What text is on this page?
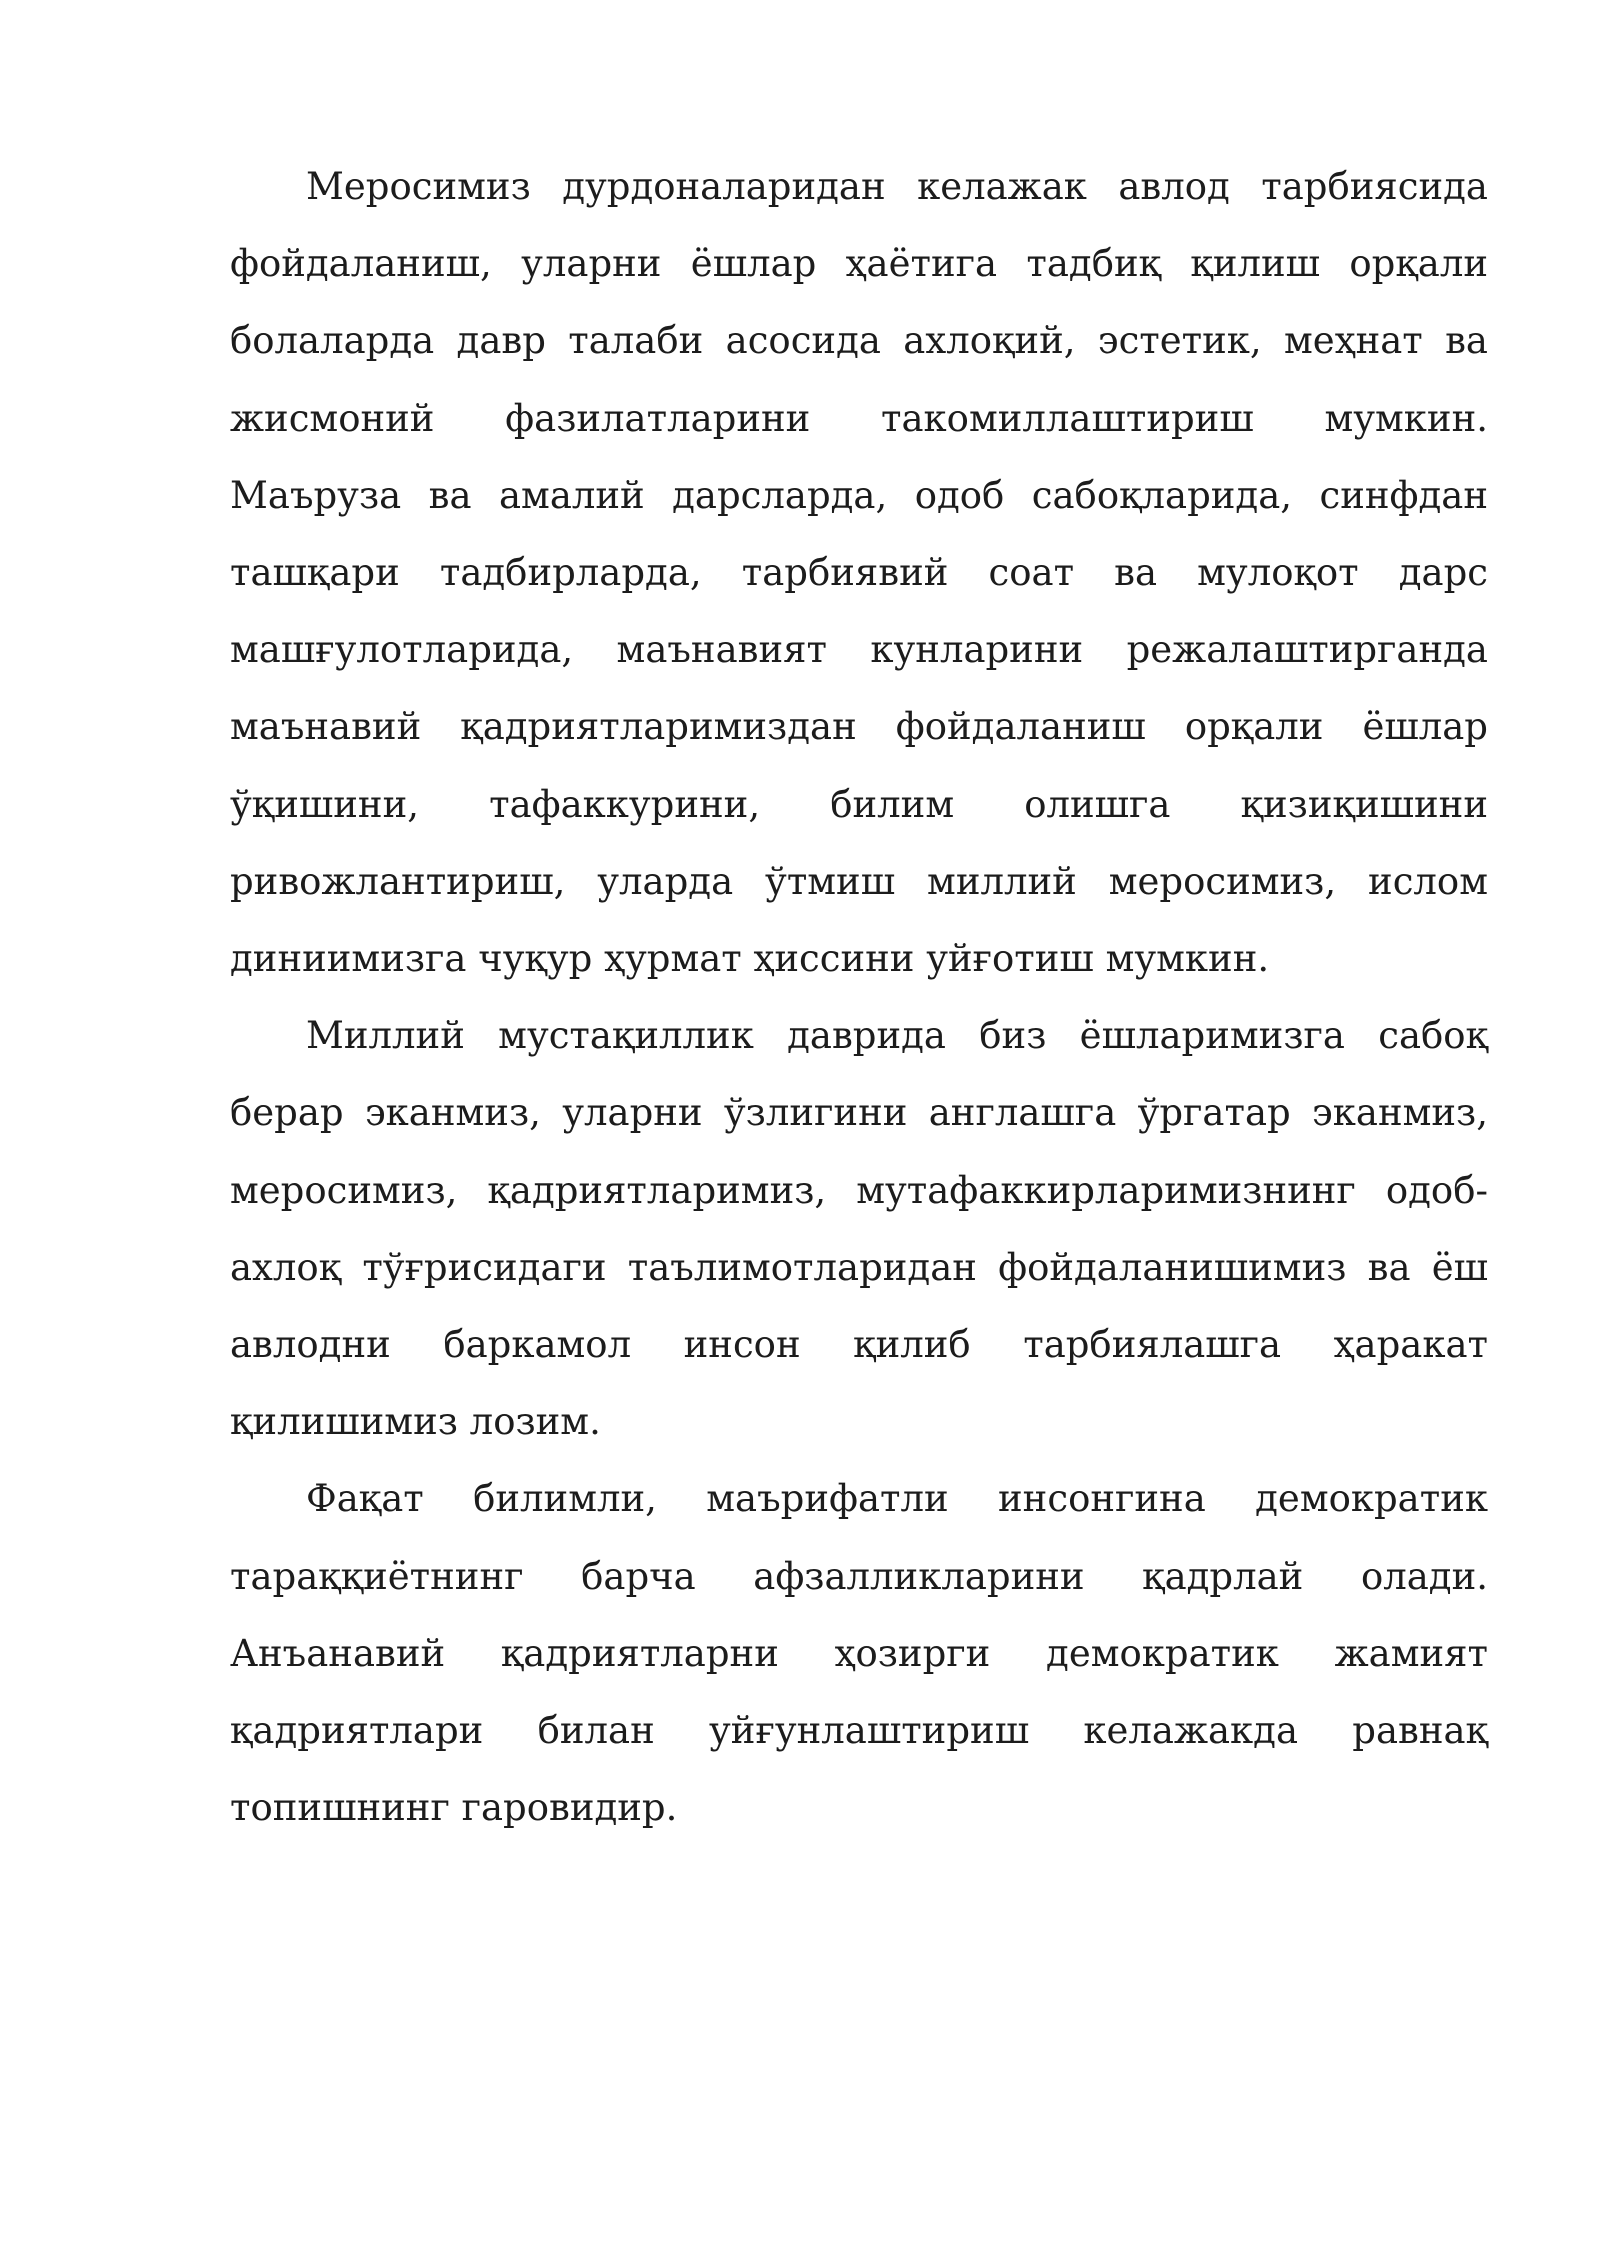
Меросимиз дурдоналаридан келажак авлод тарбиясида фойдаланиш, уларни ёшлар ҳаётига тадбиқ қилиш орқали болаларда давр талаби асосида ахлоқий, эстетик, меҳнат ва жисмоний фазилатларини такомиллаштириш мумкин. Маъруза ва амалий дарсларда, одоб сабоқларида, синфдан ташқари тадбирларда, тарбиявий соат ва мулоқот дарс машғулотларида, маънавият кунларини режалаштирганда маънавий қадриятларимиздан фойдаланиш орқали ёшлар ўқишини, тафаккурини, билим олишга қизиқишини ривожлантириш, уларда ўтмиш миллий меросимиз, ислом диниимизга чуқур ҳурмат ҳиссини уйғотиш мумкин.

Миллий мустақиллик даврида биз ёшларимизга сабоқ берар эканмиз, уларни ўзлигини англашга ўргатар эканмиз, меросимиз, қадриятларимиз, мутафаккирларимизнинг одоб-ахлоқ тўғрисидаги таълимотларидан фойдаланишимиз ва ёш авлодни баркамол инсон қилиб тарбиялашга ҳаракат қилишимиз лозим.

Фақат билимли, маърифатли инсонгина демократик тараққиётнинг барча афзалликларини қадрлай олади. Анъанавий қадриятларни ҳозирги демократик жамият қадриятлари билан уйғунлаштириш келажакда равнақ топишнинг гаровидир.
